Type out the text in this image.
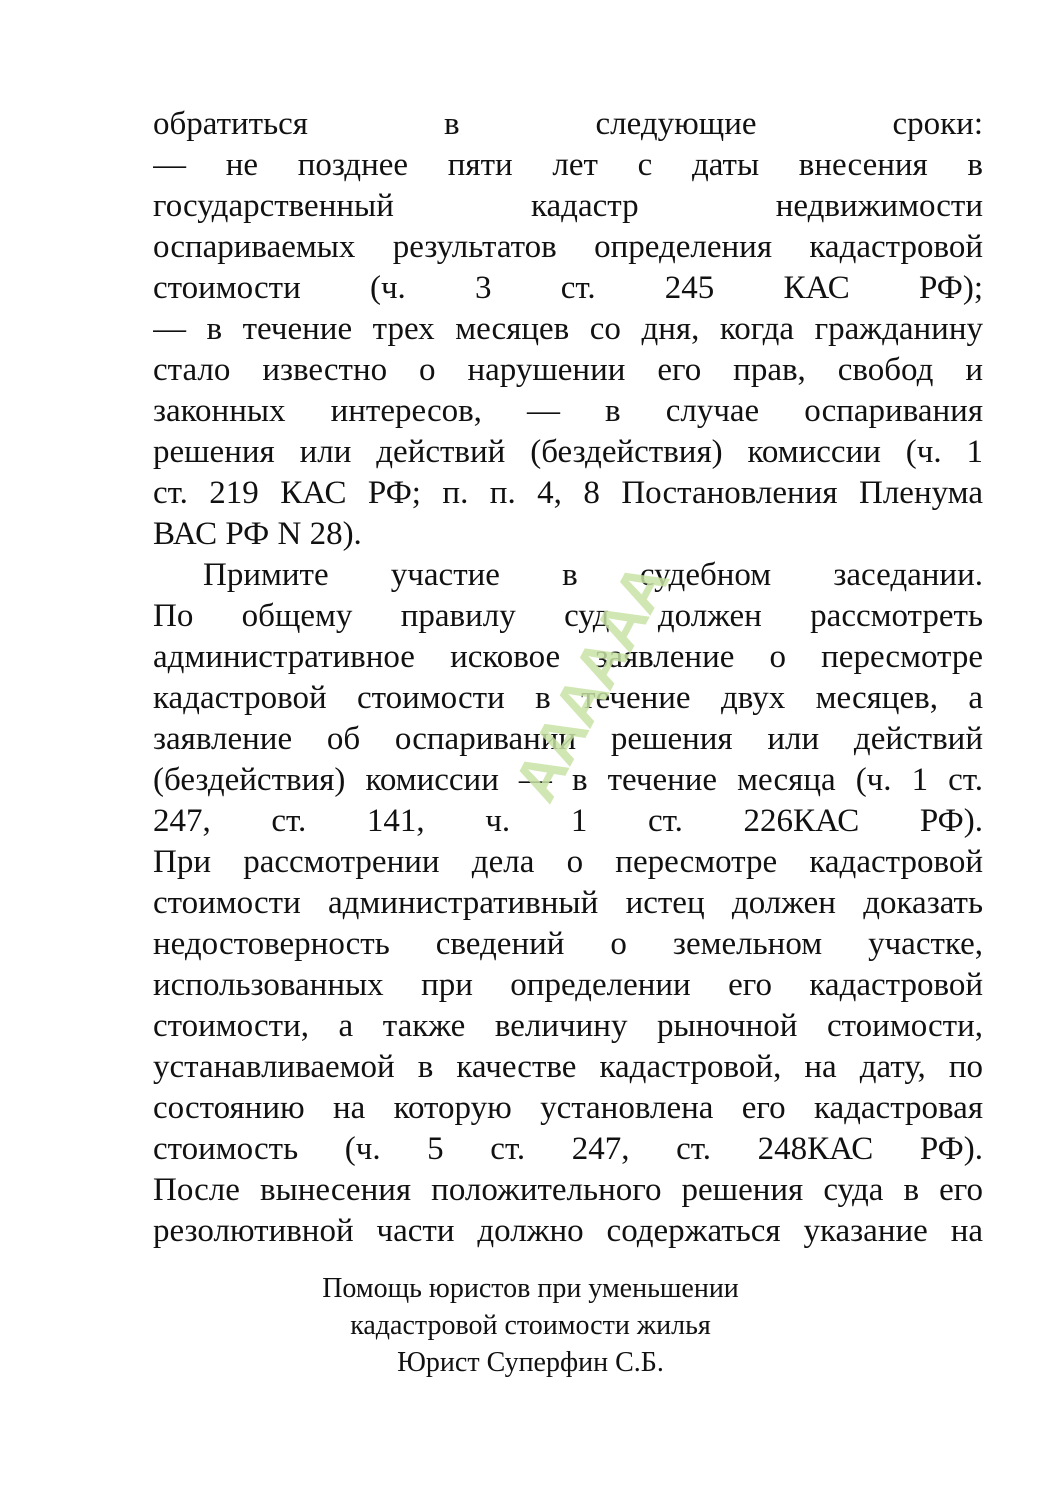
обратиться в следующие сроки:
— не позднее пяти лет с даты внесения в
государственный кадастр недвижимости
оспариваемых результатов определения кадастровой
стоимости (ч. 3 ст. 245 КАС РФ);
— в течение трех месяцев со дня, когда гражданину
стало известно о нарушении его прав, свобод и
законных интересов, — в случае оспаривания
решения или действий (бездействия) комиссии (ч. 1
ст. 219 КАС РФ; п. п. 4, 8 Постановления Пленума
ВАС РФ N 28).
Примите участие в судебном заседании.
По общему правилу суд должен рассмотреть
административное исковое заявление о пересмотре
кадастровой стоимости в течение двух месяцев, а
заявление об оспаривании решения или действий
(бездействия) комиссии — в течение месяца (ч. 1 ст.
247, ст. 141, ч. 1 ст. 226КАС РФ).
При рассмотрении дела о пересмотре кадастровой
стоимости административный истец должен доказать
недостоверность сведений о земельном участке,
использованных при определении его кадастровой
стоимости, а также величину рыночной стоимости,
устанавливаемой в качестве кадастровой, на дату, по
состоянию на которую установлена его кадастровая
стоимость (ч. 5 ст. 247, ст. 248КАС РФ).
После вынесения положительного решения суда в его
резолютивной части должно содержаться указание на
Помощь юристов при уменьшении
кадастровой стоимости жилья
Юрист Суперфин С.Б.
АААААА
